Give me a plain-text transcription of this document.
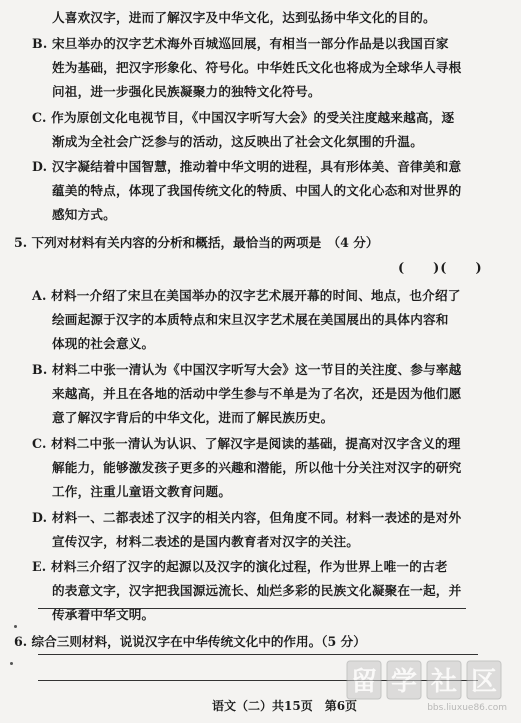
人喜欢汉字，进而了解汉字及中华文化，达到弘扬中华文化的目的。
B. 宋旦举办的汉字艺术海外百城巡回展，有相当一部分作品是以我国百家
姓为基础，把汉字形象化、符号化。中华姓氏文化也将成为全球华人寻根
问祖，进一步强化民族凝聚力的独特文化符号。
C. 作为原创文化电视节目，《中国汉字听写大会》的受关注度越来越高，逐
渐成为全社会广泛参与的活动，这反映出了社会文化氛围的升温。
D. 汉字凝结着中国智慧，推动着中华文明的进程，具有形体美、音律美和意
蕴美的特点，体现了我国传统文化的特质、中国人的文化心态和对世界的
感知方式。
5. 下列对材料有关内容的分析和概括，最恰当的两项是　（4 分）
(　　)(　　)
A. 材料一介绍了宋旦在美国举办的汉字艺术展开幕的时间、地点，也介绍了
绘画起源于汉字的本质特点和宋旦汉字艺术展在美国展出的具体内容和
体现的社会意义。
B. 材料二中张一清认为《中国汉字听写大会》这一节目的关注度、参与率越
来越高，并且在各地的活动中学生参与不单是为了名次，还是因为他们愿
意了解汉字背后的中华文化，进而了解民族历史。
C. 材料二中张一清认为认识、了解汉字是阅读的基础，提高对汉字含义的理
解能力，能够激发孩子更多的兴趣和潜能，所以他十分关注对汉字的研究
工作，注重儿童语文教育问题。
D. 材料一、二都表述了汉字的相关内容，但角度不同。材料一表述的是对外
宣传汉字，材料二表述的是国内教育者对汉字的关注。
E. 材料三介绍了汉字的起源以及汉字的演化过程，作为世界上唯一的古老
的表意文字，汉字把我国源远流长、灿烂多彩的民族文化凝聚在一起，并
传承着中华文明。
6. 综合三则材料，说说汉字在中华传统文化中的作用。（5 分）
语文（二）共15页　第6页
留 学 社 区
bbs.liuxue86.com
